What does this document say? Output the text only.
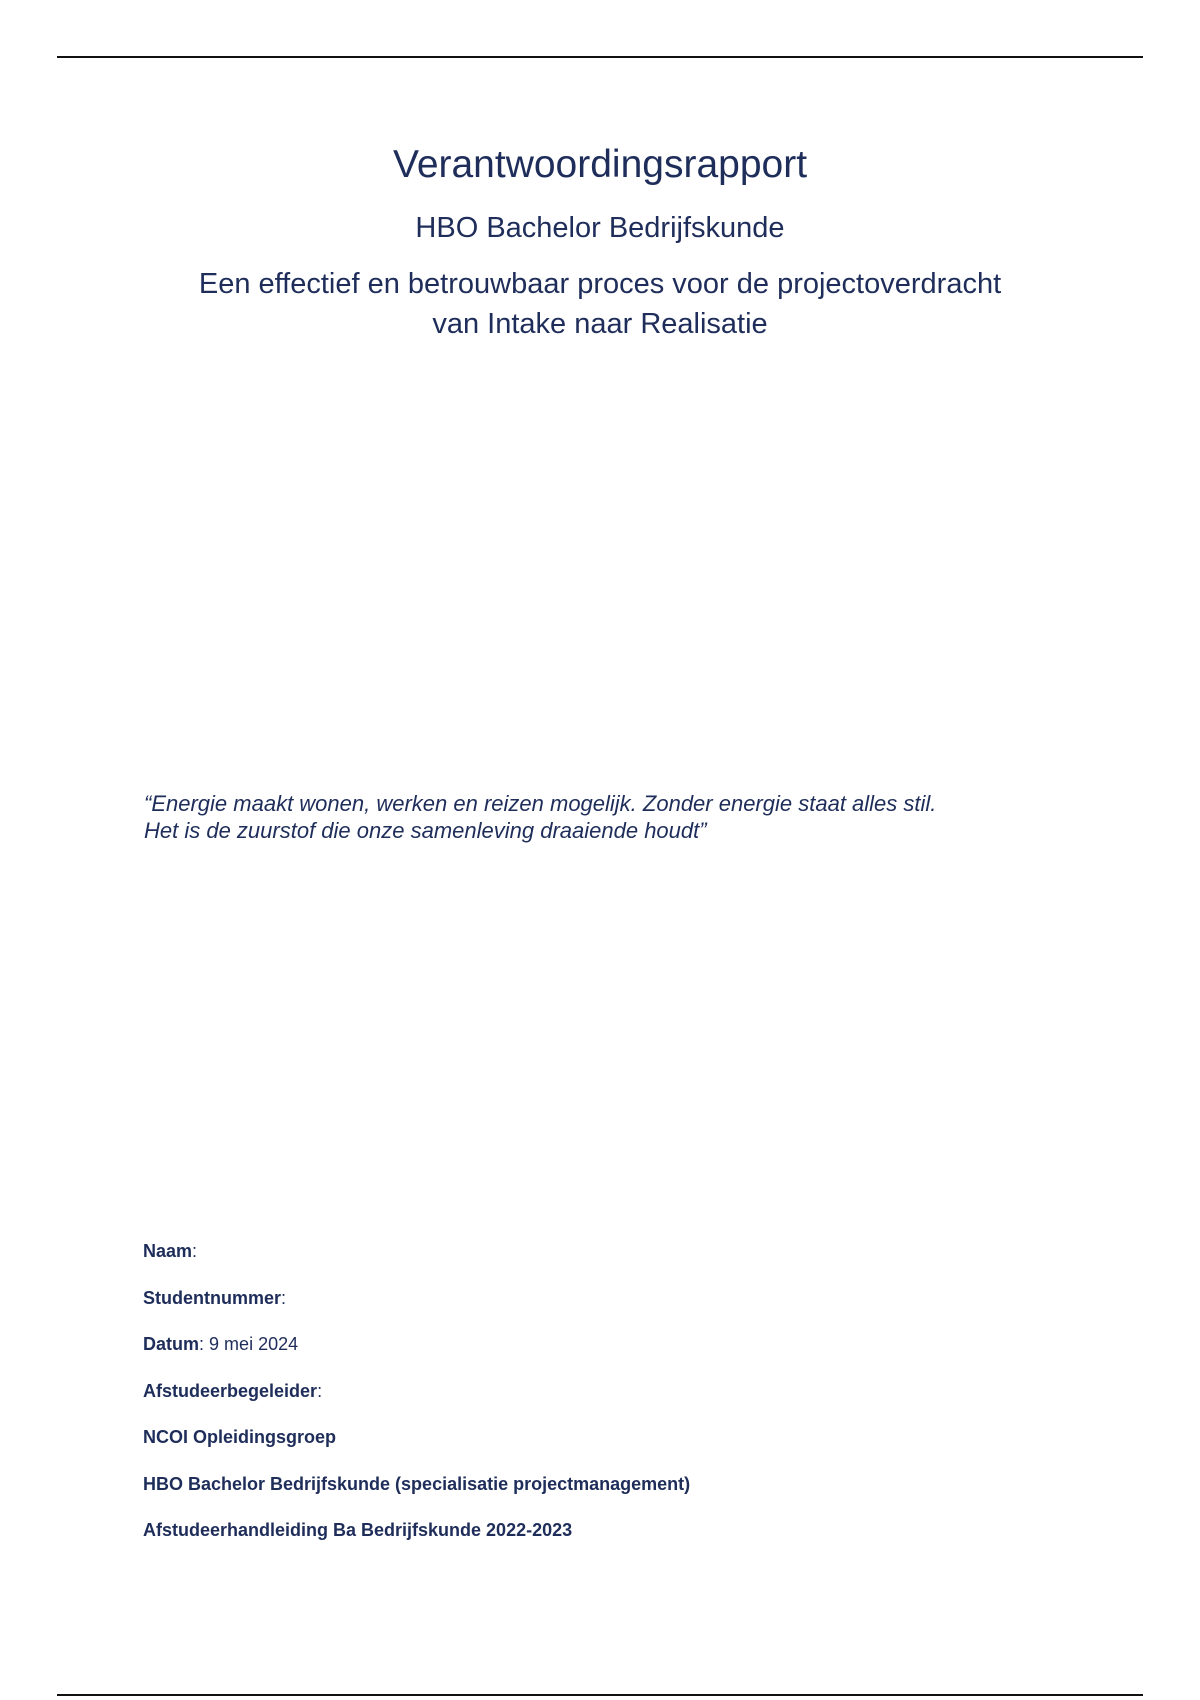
Verantwoordingsrapport
HBO Bachelor Bedrijfskunde
Een effectief en betrouwbaar proces voor de projectoverdracht
van Intake naar Realisatie
“Energie maakt wonen, werken en reizen mogelijk. Zonder energie staat alles stil.
Het is de zuurstof die onze samenleving draaiende houdt”
Naam:
Studentnummer:
Datum: 9 mei 2024
Afstudeerbegeleider:
NCOI Opleidingsgroep
HBO Bachelor Bedrijfskunde (specialisatie projectmanagement)
Afstudeerhandleiding Ba Bedrijfskunde 2022-2023
